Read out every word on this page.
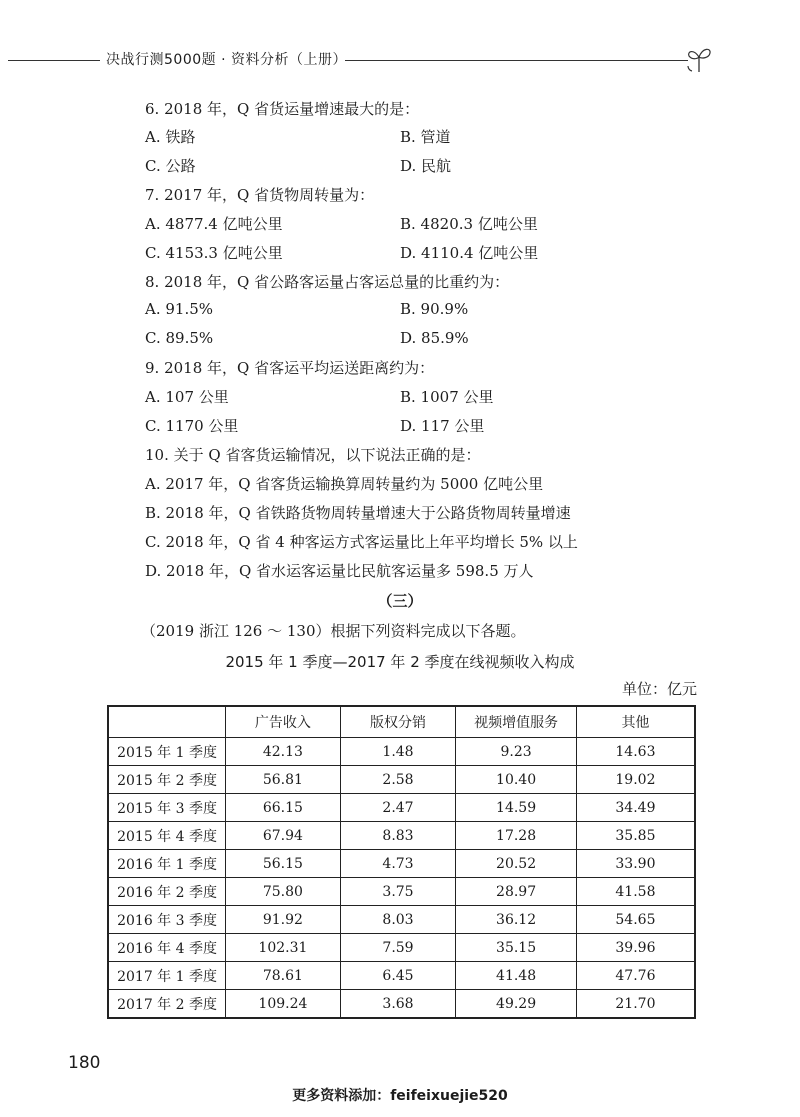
决战行测5000题 · 资料分析（上册）
6. 2018 年，Q 省货运量增速最大的是：
A. 铁路	B. 管道
C. 公路	D. 民航
7. 2017 年，Q 省货物周转量为：
A. 4877.4 亿吨公里	B. 4820.3 亿吨公里
C. 4153.3 亿吨公里	D. 4110.4 亿吨公里
8. 2018 年，Q 省公路客运量占客运总量的比重约为：
A. 91.5%	B. 90.9%
C. 89.5%	D. 85.9%
9. 2018 年，Q 省客运平均运送距离约为：
A. 107 公里	B. 1007 公里
C. 1170 公里	D. 117 公里
10. 关于 Q 省客货运输情况，以下说法正确的是：
A. 2017 年，Q 省客货运输换算周转量约为 5000 亿吨公里
B. 2018 年，Q 省铁路货物周转量增速大于公路货物周转量增速
C. 2018 年，Q 省 4 种客运方式客运量比上年平均增长 5% 以上
D. 2018 年，Q 省水运客运量比民航客运量多 598.5 万人
（三）
（2019 浙江 126 ～ 130）根据下列资料完成以下各题。
2015 年 1 季度—2017 年 2 季度在线视频收入构成
单位：亿元
	广告收入	版权分销	视频增值服务	其他
2015 年 1 季度	42.13	1.48	9.23	14.63
2015 年 2 季度	56.81	2.58	10.40	19.02
2015 年 3 季度	66.15	2.47	14.59	34.49
2015 年 4 季度	67.94	8.83	17.28	35.85
2016 年 1 季度	56.15	4.73	20.52	33.90
2016 年 2 季度	75.80	3.75	28.97	41.58
2016 年 3 季度	91.92	8.03	36.12	54.65
2016 年 4 季度	102.31	7.59	35.15	39.96
2017 年 1 季度	78.61	6.45	41.48	47.76
2017 年 2 季度	109.24	3.68	49.29	21.70
180
更多资料添加：feifeixuejie520
